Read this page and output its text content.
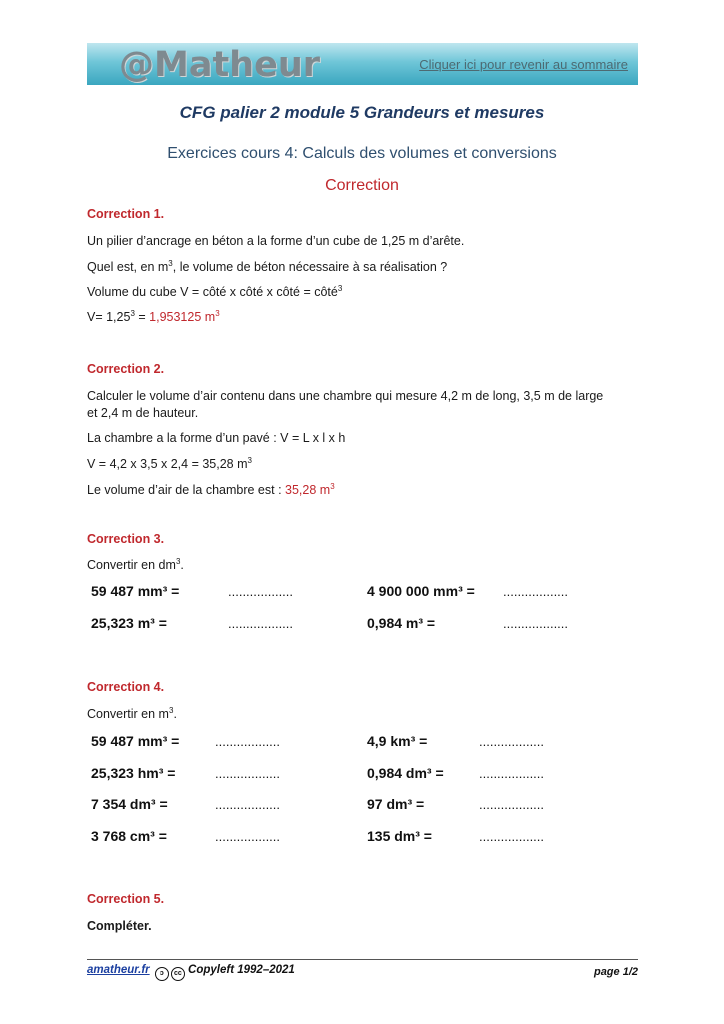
@Matheur	Cliquer ici pour revenir au sommaire
CFG palier 2 module 5 Grandeurs et mesures
Exercices cours 4: Calculs des volumes et conversions
Correction
Correction 1.
Un pilier d’ancrage en béton a la forme d’un cube de 1,25 m d’arête.
Quel est, en $m^3$, le volume de béton nécessaire à sa réalisation ?
Volume du cube V = côté x côté x côté = côté$^3$
$V= 1,25^3 = 1,953125$ $m^3$
Correction 2.
Calculer le volume d’air contenu dans une chambre qui mesure 4,2 m de long, 3,5 m de large
et 2,4 m de hauteur.
La chambre a la forme d’un pavé : V = L x l x h
V = 4,2 x 3,5 x 2,4 = 35,28 $m^3$
Le volume d’air de la chambre est : 35,28 $m^3$
Correction 3.
Convertir en $dm^3$.
59 487 mm³ =	..................	4 900 000 mm³ = ..................
25,323 m³ =	..................	0,984 m³ =	..................
Correction 4.
Convertir en $m^3$.
59 487 mm³ =	..................	4,9 km³ =	..................
25,323 hm³ =	..................	0,984 dm³ =	..................
7 354 dm³ =	..................	97 dm³ =	..................
3 768 cm³ =	..................	135 dm³ =	..................
Correction 5.
Compléter.
amatheur.fr ↄ cc Copyleft 1992–2021	page 1/2
